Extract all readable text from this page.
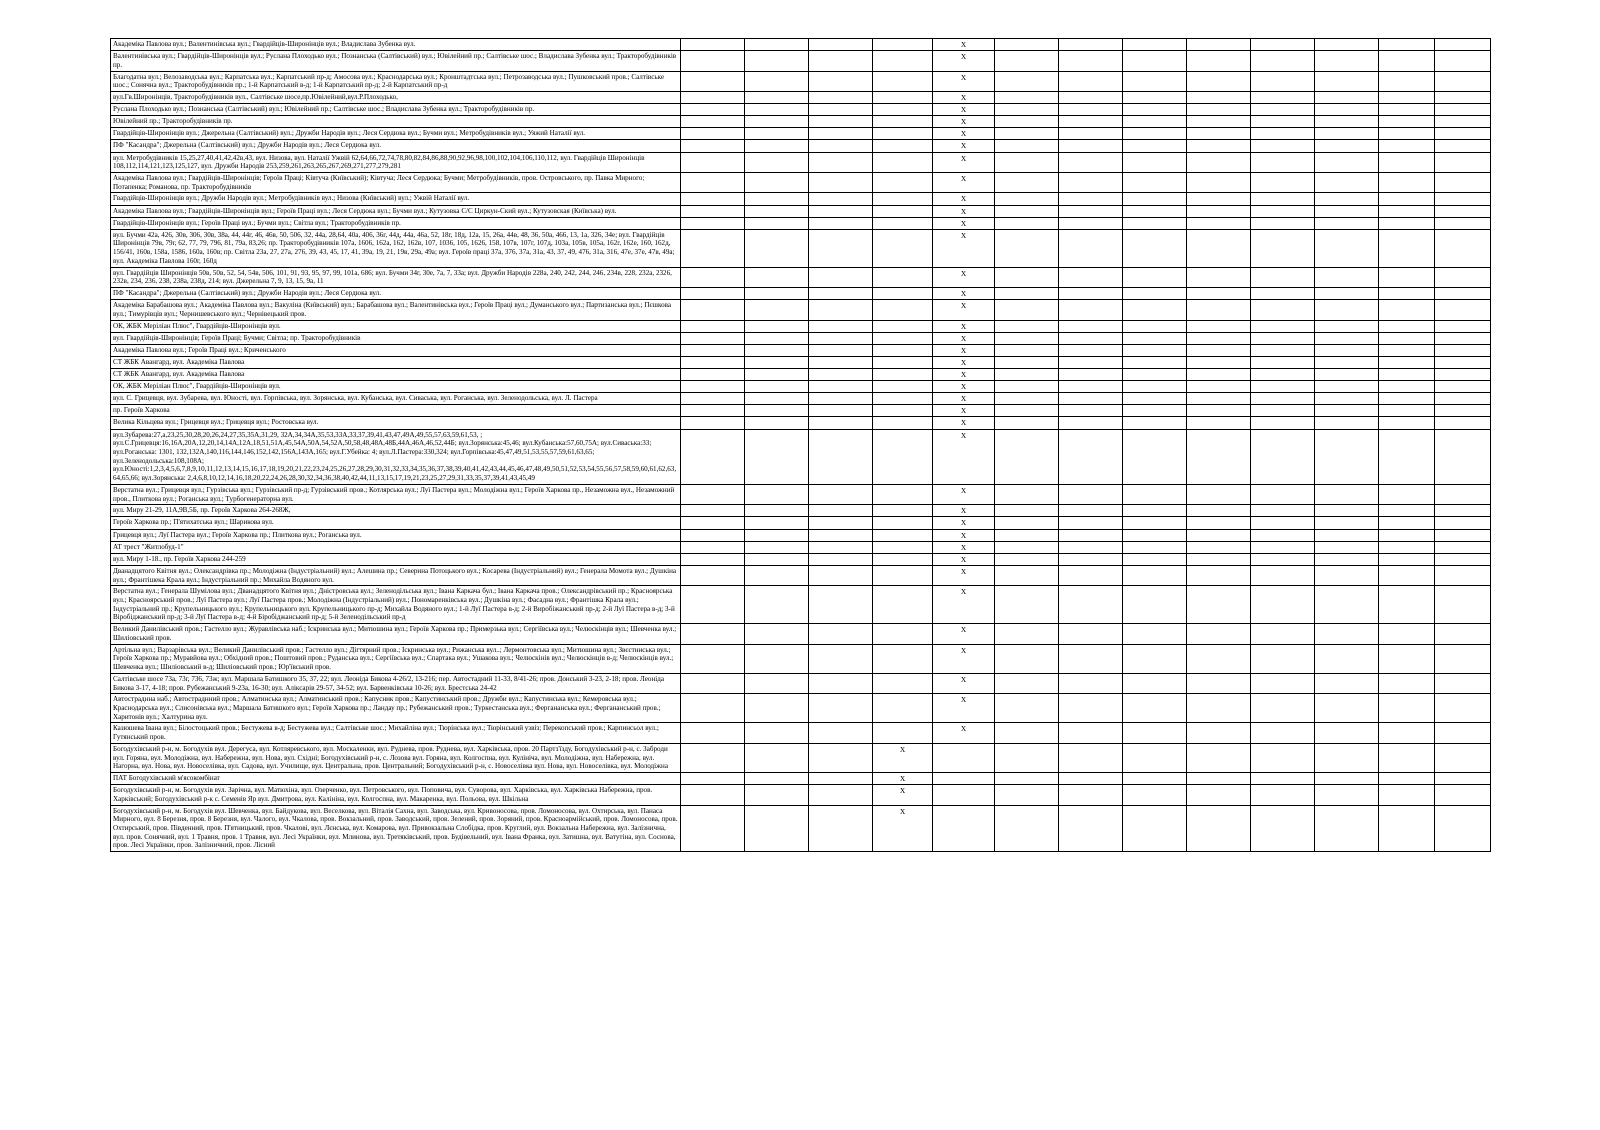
Академіка Павлова вул.; Валентинівська вул.; Гвардійців-Широнінців вул.; Владислава Зубенка вул.					X								
Валентинівська вул.; Гвардійців-Широнінців вул.; Руслана Плоходько вул.; Познанська (Салтівський) вул.; Ювілейний пр.; Салтівське шос.; Владислава Зубенка вул.; Тракторобудівників пр.					X								
Благодатна вул.; Велозаводська вул.; Карпатська вул.; Карпатський пр-д; Амосова вул.; Краснодарська вул.; Кронштадтська вул.; Петрозаводська вул.; Пушковський пров.; Салтівське шос.; Сонячна вул.; Тракторобудівників пр.; 1-й Карпатський в-д; 1-й Карпатський пр-д; 2-й Карпатський пр-д					X								
вул.Гв.Широнінців, Тракторобудівників вул., Салтівське шосе,пр.Ювілейний,вул.Р.Плоходько,					X								
Руслана Плоходько вул.; Познанська (Салтівський) вул.; Ювілейний пр.; Салтівське шос.; Владислава Зубенка вул.; Тракторобудівників пр.					X								
Ювілейний пр.; Тракторобудівників пр.					X								
Гвардійців-Широнінців вул.; Джерельна (Салтівський) вул.; Дружби Народів вул.; Леся Сердюка вул.; Бучми вул.; Метробудівників вул.; Уяжий Наталії вул.					X								
ПФ "Касандра"; Джерельна (Салтівський) вул.; Дружби Народів вул.; Леся Сердюка вул.					X								
вул. Метробудівників 15,25,27,40,41,42,42в,43, вул. Низова, вул. Наталії Ужвій 62,64,66,72,74,78,80,82,84,86,88,90,92,96,98,100,102,104,106,110,112, вул. Гвардійців Широнінців 108,112,114,121,123,125,127, вул. Дружби Народів 253,259,261,263,265,267,269,271,277,279,281					X								
Академіка Павлова вул.; Гвардійців-Широнінців; Героїв Праці; Ківтуча (Київський); Ківтуча; Леся Сердюка; Бучми; Метробудівників, пров. Островського, пр. Павка Мирного; Потапенка; Романова, пр. Тракторобудівників					X								
Гвардійців-Широнінців вул.; Дружби Народів вул.; Метробудівників вул.; Низова (Київський) вул.; Ужвій Наталії вул.					X								
Академіка Павлова вул.; Гвардійців-Широнінців вул.; Героїв Праці вул.; Леся Сердюка вул.; Бучми вул.; Кутузовка С/С Циркун-Ский вул.; Кутузовская (Київська) вул.					X								
Гвардійців-Широнінців вул.; Героїв Праці вул.; Бучми вул.; Світла вул.; Тракторобудівників пр.					X								
вул. Бучми 42а, 426, 30в, 306, 30в, 38а, 44, 44г, 46, 46в, 50, 506, 32, 44а, 28,64, 40а, 406, 36г, 44д, 44а, 46а, 52, 18г, 18д, 12а, 15, 26а, 44в, 48, 36, 50а, 466, 13, 1а, 326, 34е; вул. Гвардійців Широнінців 79в, 79г, 62, 77, 79, 796, 81, 79а, 83,26; пр. Тракторобудівників 107а, 1606, 162а, 162, 162в, 107, 1036, 105, 1626, 158, 107в, 107г, 107д, 103а, 105в, 105а, 162г, 162е, 160, 162д, 156/41, 160в, 158а, 1586, 160а, 160в; пр. Світла 23а, 27, 27а, 276, 39, 43, 45, 17, 41, 39а, 19, 21, 19в, 29а, 49а; вул. Героїв праці 37а, 376, 37а, 31а, 43, 37, 49, 476, 31а, 316, 47е, 37е, 47в, 49а; вул. Академіка Павлова 160г, 160д					X								
вул. Гвардійців Широнінців 50в, 50в, 52, 54, 54в, 506, 101, 91, 93, 95, 97, 99, 101а, 686; вул. Бучми 34г, 30е, 7а, 7, 33а; вул. Дружби Народів 228а, 240, 242, 244, 246, 234в, 228, 232а, 2326, 232в, 234, 236, 238, 238а, 238д, 214; вул. Джерельна 7, 9, 13, 15, 9а, 11					X								
ПФ "Касандра"; Джерельна (Салтівський) вул.; Дружби Народів вул.; Леся Сердюка вул.					X								
Академіка Барабашова вул.; Академіка Павлова вул.; Вакуліна (Київський) вул.; Барабашова вул.; Валентинівська вул.; Героїв Праці вул.; Думанського вул.; Партизанська вул.; Пєшкова вул.; Тимурівців вул.; Чернишевського вул.; Чернівецький пров.					X								
ОК, ЖБК Меріліан Плюс", Гвардійців-Широнінців вул.					X								
вул. Гвардійців-Широнінців; Героїв Праці; Бучми; Світла; пр. Тракторобудівників					X								
Академіка Павлова вул.; Героїв Праці вул.; Криченського					X								
СТ ЖБК Авангард, вул. Академіка Павлова					X								
СТ ЖБК Авангард, вул. Академіка Павлова					X								
ОК, ЖБК Меріліан Плюс", Гвардійців-Широнінців вул.					X								
вул. С. Грицевця, вул. Зубарева, вул. Юності, вул. Горпівська, вул. Зорянська, вул. Кубанська, вул. Сиваська, вул. Роганська, вул. Зеленодольська, вул. Л. Пастера					X								
пр. Героїв Харкова					X								
Велика Кільцева вул.; Грицевця вул.; Грицевця вул.; Ростовська вул.					X								
вул.Зубарева:27,а,23,25,30,28,20,26,24,27,35,35А,31,29, 32А,34,34А,35,53,33А,33,37,39,41,43,47,49А,49,55,57,63,59,61,53, ; вул.С.Грицевця:16,16А,20А,12,20,14,14А,12А,18,51,51А,45,54А,50А,54,52А,50,58,48,48А,48Б,44А,46А,46,52,44Б; вул.Зорянська:45,46; вул.Кубанська:57,60,75А; вул.Сиваська:33; вул.Роганська: 1301, 132,132А,140,116,144,146,152,142,156А,143А,165; вул.Г.Убейка: 4; вул.Л.Пастера:330,324; вул.Горпівська:45,47,49,51,53,55,57,59,61,63,65; вул.Зеленодольська:108,108А; вул.Юності:1,2,3,4,5,6,7,8,9,10,11,12,13,14,15,16,17,18,19,20,21,22,23,24,25,26,27,28,29,30,31,32,33,34,35,36,37,38,39,40,41,42,43,44,45,46,47,48,49,50,51,52,53,54,55,56,57,58,59,60,61,62,63,64,65,66; вул.Зорянська: 2,4,6,8,10,12,14,16,18,20,22,24,26,28,30,32,34,36,38,40,42,44,11,13,15,17,19,21,23,25,27,29,31,33,35,37,39,41,43,45,49					X								
Верстатна вул.; Грицевця вул.; Гурзівська вул.; Гурзівський пр-д; Гурзівський пров.; Котлярська вул.; Луї Пастера вул.; Молодіжна вул.; Героїв Харкова пр., Незаможна вул., Незаможний пров., Плиткова вул.; Роганська вул.; Турбогенераторна вул.					X								
вул. Миру 21-29, 11А,9В,5Б, пр. Героїв Харкова 264-268Ж,					X								
Героїв Харкова пр.; П'ятихатська вул.; Шарикова вул.					X								
Грицевця вул.; Луї Пастера вул.; Героїв Харкова пр.; Плиткова вул.; Роганська вул.					X								
АТ трест "Житлобуд-1"					X								
вул. Миру 1-18., пр. Героїв Харкова 244-259					X								
Дванадцятого Квітня вул.; Олександрівка пр.; Молодіжна (Індустріальний) вул.; Алешина пр.; Северина Потоцького вул.; Косарева (Індустріальний) вул.; Генерала Момота вул.; Душкіна вул.; Франтішека Крала вул.; Індустріальний пр.; Михайла Водяного вул.					X								
Верстатна вул.; Генерала Шумілова вул.; Дванадцятого Квітня вул.; Дністровська вул.; Зеленодільська вул.; Івана Каркача бул.; Івана Каркача пров.; Олександрівський пр.; Красноярська вул.; Красноярський пров.; Луї Пастера вул.; Луї Пастера пров.; Молодіжна (Індустріальний) вул.; Пономаренківська вул.; Душкіна вул.; Фасадна вул.; Франтішка Крала вул.; Індустріальний пр.; Крупельницького вул.; Крупельницького вул. Крупельницького пр-д; Михайла Водяного вул.; 1-й Луї Пастера в-д; 2-й Виробіжанський пр-д; 2-й Луї Пастера в-д; 3-й Віробіджанський пр-д; 3-й Луї Пастера в-д; 4-й Біробіджанський пр-д; 5-й Зеленодільський пр-д					X								
Великий Данилівський пров.; Гастелло вул.; Журавлівська наб.; Іскринська вул.; Митюшина вул.; Героїв Харкова пр.; Примерзька вул.; Сергіївська вул.; Челюскінців вул.; Шевченка вул.; Шиліовський пров.					X								
Артільна вул.; Варзарівська вул.; Великий Данилівський пров.; Гастелло вул.; Дігтярний пров.; Іскринська вул.; Рижанська вул..; Лермонтовська вул.; Митюшина вул.; Звєстниська вул.; Героїв Харкова пр.; Муравйова вул.; Обхідний пров.; Поштовий пров.; Руданська вул.; Сергіївська вул.; Спартака вул.; Ушакова вул.; Челюскінів вул.; Челюскінців в-д; Челюскінців вул.; Шевченка вул.; Шиліовський в-д; Шиліовський пров.; Юр'ївський пров.					X								
Салтівське шосе 73а, 73г, 736, 73ж; вул. Маршала Батишкого 35, 37, 22; вул. Леоніда Бикова 4-26/2, 13-216; пер. Автостадний 11-33, 8/41-26; пров. Донський 3-23, 2-18; пров. Леоніда Бикова 3-17, 4-18; пров. Рубежанський 9-23а, 16-30; вул. Аліксарів 29-57, 34-52; вул. Барвенківська 10-26; вул. Брестська 24-42					X								
Автостраднна наб.; Автостраднний пров.; Алматинська вул.; Алматинський пров.; Капусник пров.; Капустинський пров.; Дружби вул.; Капустинська вул.; Кемеровська вул.; Краснодарська вул.; Слисонівська вул.; Маршала Батишкого вул.; Героїв Харкова пр.; Ландау пр.; Рубежанський пров.; Туркестанська вул.; Фергананська вул.; Фергананський пров.; Харитонів вул.; Халтурина вул.					X								
Казюшева Івана вул.; Білостоцький пров.; Бестужева в-д; Бестужева вул.; Салтівське шос.; Михайліна вул.; Тюрінська вул.; Тюрінський узвіз; Перекопський пров.; Карпинсьол вул.; Гутянський пров.					X								
Богодухівський р-н, м. Богодухів вул. Дерегуса, вул. Котляревського, вул. Москаленки, вул. Руднева, пров. Руднева, вул. Харківська, пров. 20 Партз'їзду, Богодухівський р-н, с. Заброди вул. Горяна, вул. Молодіжна, вул. Набережна, вул. Нова, вул. Східні; Богодухівський р-н, с. Лозова вул. Горяна, вул. Колгоспна, вул. Кулініча, вул. Молодіжна, вул. Набережна, вул. Нагорна, вул. Нова, вул. Новоселівка, вул. Садова, вул. Училище, вул. Центральна, пров. Центральний; Богодухівський р-н, с. Новоселівка вул. Нова, вул. Новоселівка, вул. Молодіжна				X									
ПАТ Богодухівський м'ясокомбінат				X									
Богодухівський р-н, м. Богодухів вул. Зарічна, вул. Матюхіна, вул. Озерченко, вул. Петровського, вул. Поповича, вул. Суворова, вул. Харківська, вул. Харківська Набережна, пров. Харківський; Богодухівський р-к с. Семенів Яр вул. Дмитрова, вул. Калініна, вул. Колгоспна, вул. Макаренка, вул. Польова, вул. Шкільна				X									
Богодухівський р-н, м. Богодухів вул. Шевченка, вул. Байдукова, вул. Веселкова, вул. Віталія Сахна, вул. Заводська, вул. Кривоносова, пров. Ломоносова, вул. Охтирська, вул. Панаса Мирного, вул. 8 Березня, пров. 8 Березня, вул. Чалого, вул. Чкалова, пров. Вокзальний, пров. Заводський, пров. Зелений, пров. Зоряний, пров. Красноармійський, пров. Ломоносова, пров. Охтирський, пров. Південний, пров. П'ятницький, пров. Чкалові, вул. Лєнська, вул. Комарова, вул. Привокзальна Слобідка, пров. Круглий, вул. Вокзальна Набережна, вул. Залізнична, вул. пров. Сонячний, вул. 1 Травня, пров. 1 Травня, вул. Лесі Українки, вул. Млинова, вул. Третяківський, пров. Будівельний, вул. Івана Франка, вул. Затишна, вул. Ватутіна, вул. Соснова, пров. Лесі Українки, пров. Залізничний, пров. Лісний				X									
